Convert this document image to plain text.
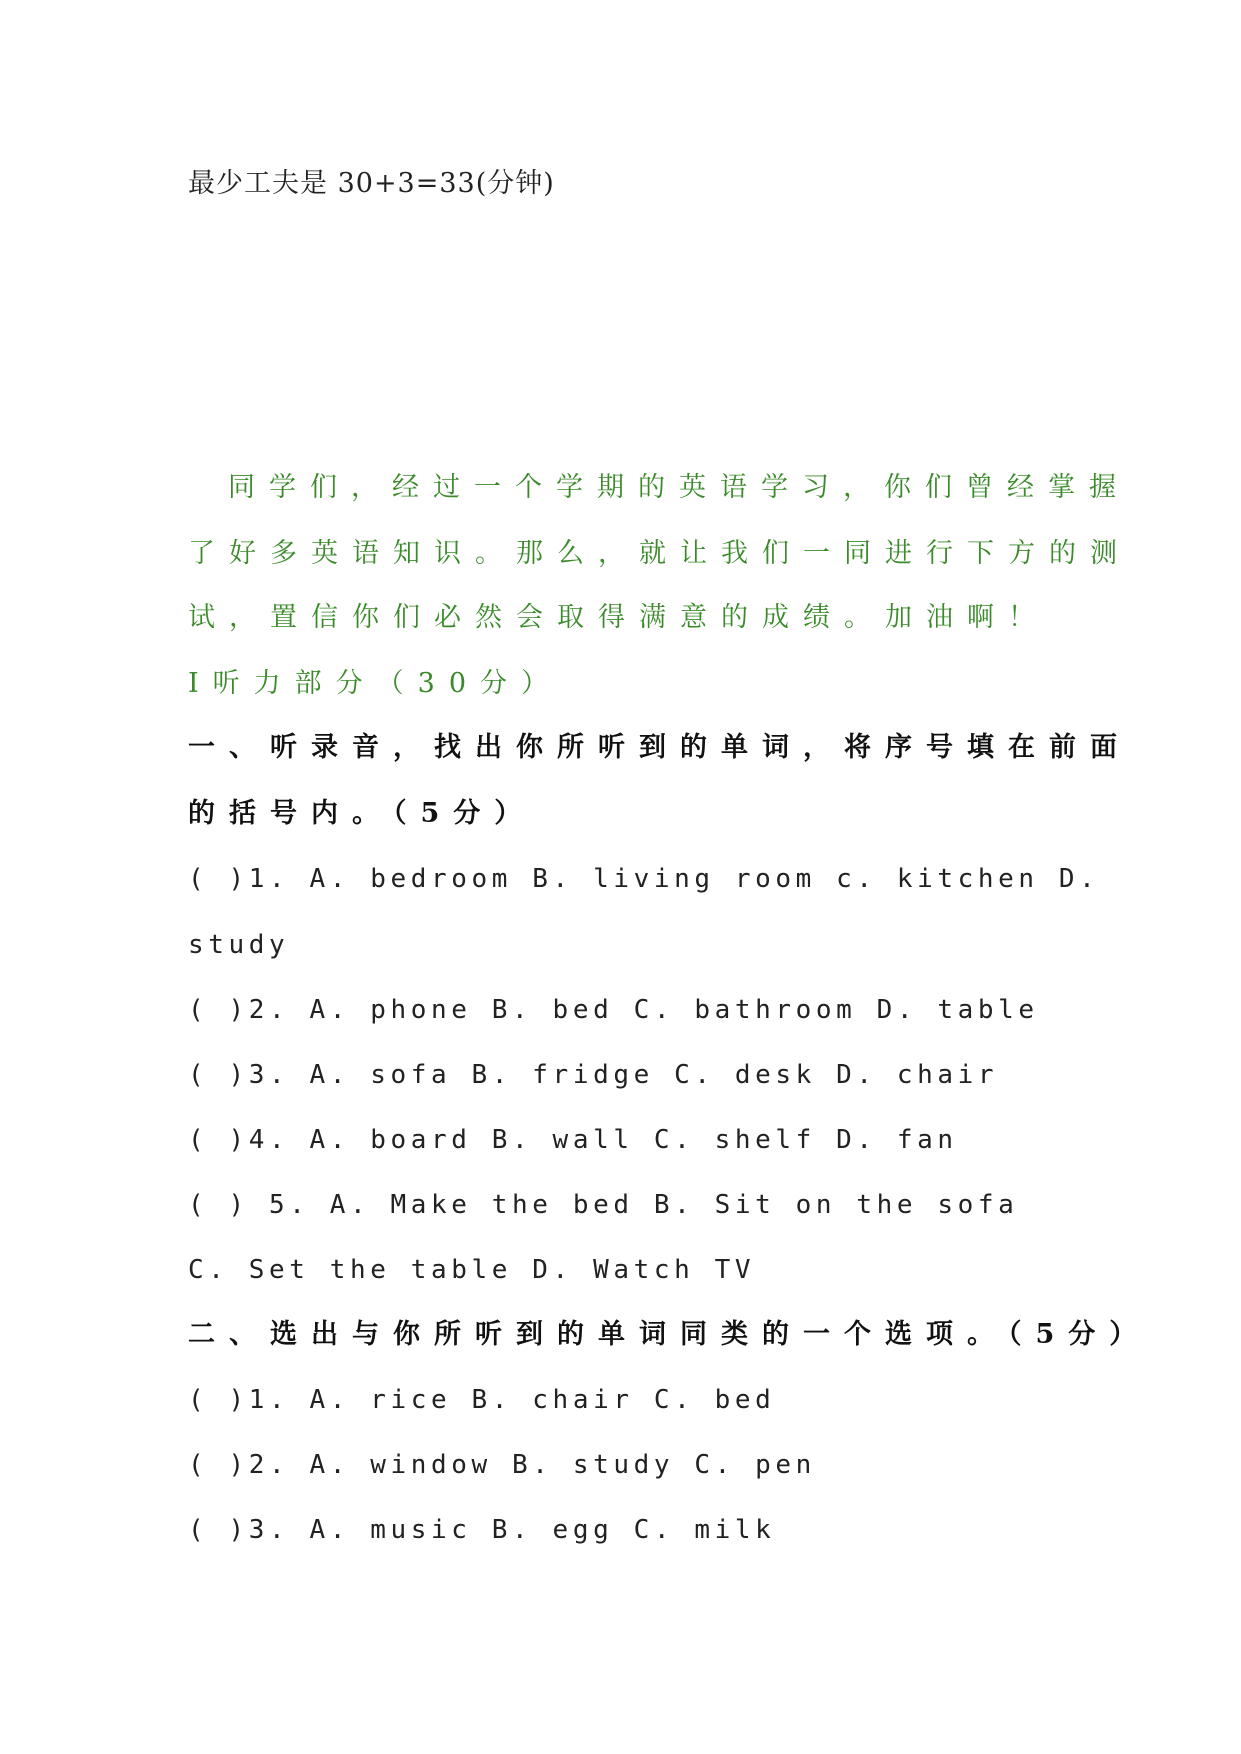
最少工夫是 30+3=33(分钟)
同学们，经过一个学期的英语学习，你们曾经掌握
了好多英语知识。那么，就让我们一同进行下方的测
试，置信你们必然会取得满意的成绩。加油啊！
Ⅰ听力部分（30分）
一、听录音，找出你所听到的单词，将序号填在前面
的括号内。（5分）
( )1. A. bedroom B. living room c. kitchen D.
study
( )2. A. phone B. bed C. bathroom D. table
( )3. A. sofa B. fridge C. desk D. chair
( )4. A. board B. wall C. shelf D. fan
( ) 5. A. Make the bed B. Sit on the sofa
C. Set the table D. Watch TV
二、选出与你所听到的单词同类的一个选项。（5分）
( )1. A. rice B. chair C. bed
( )2. A. window B. study C. pen
( )3. A. music B. egg C. milk
